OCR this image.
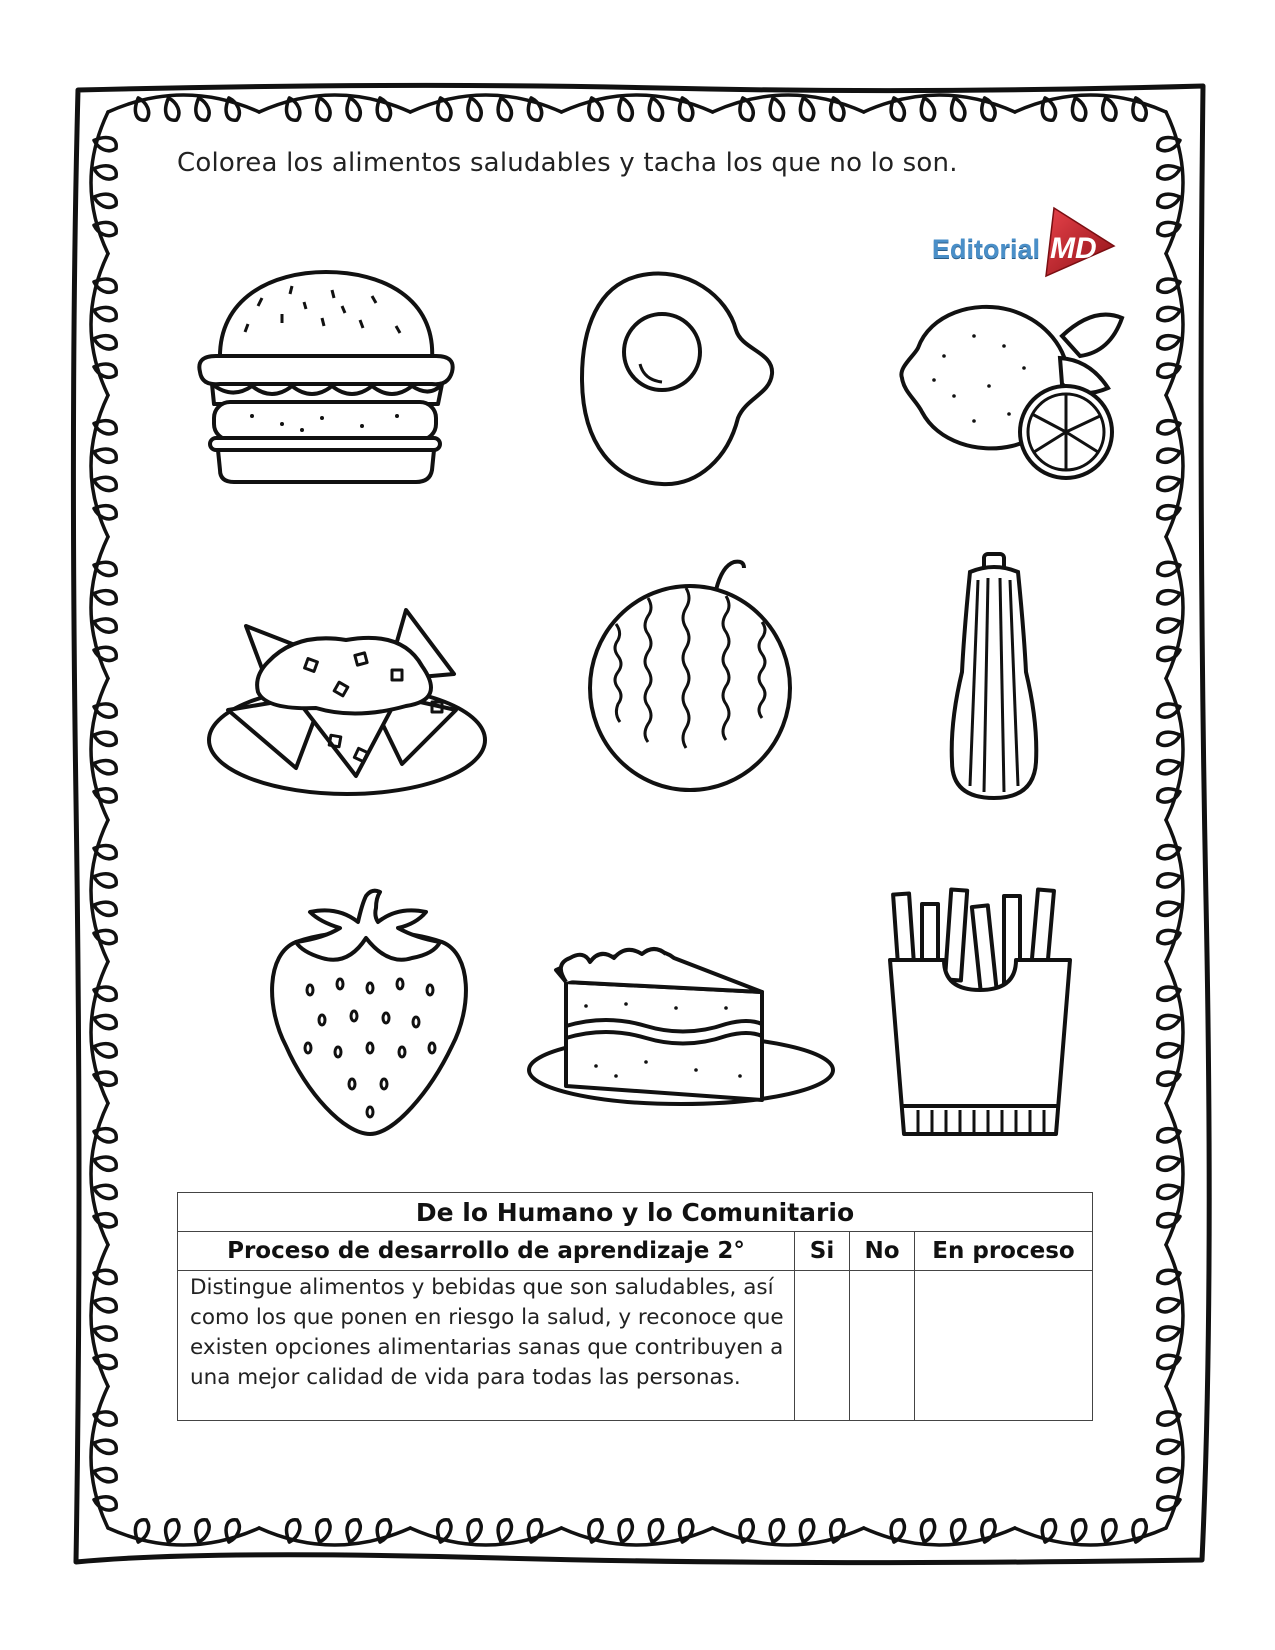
Colorea los alimentos saludables y tacha los que no lo son.
Editorial MD
De lo Humano y lo Comunitario			
Proceso de desarrollo de aprendizaje 2°	Si	No	En proceso
Distingue alimentos y bebidas que son saludables, así como los que ponen en riesgo la salud, y reconoce que existen opciones alimentarias sanas que contribuyen a una mejor calidad de vida para todas las personas.			
